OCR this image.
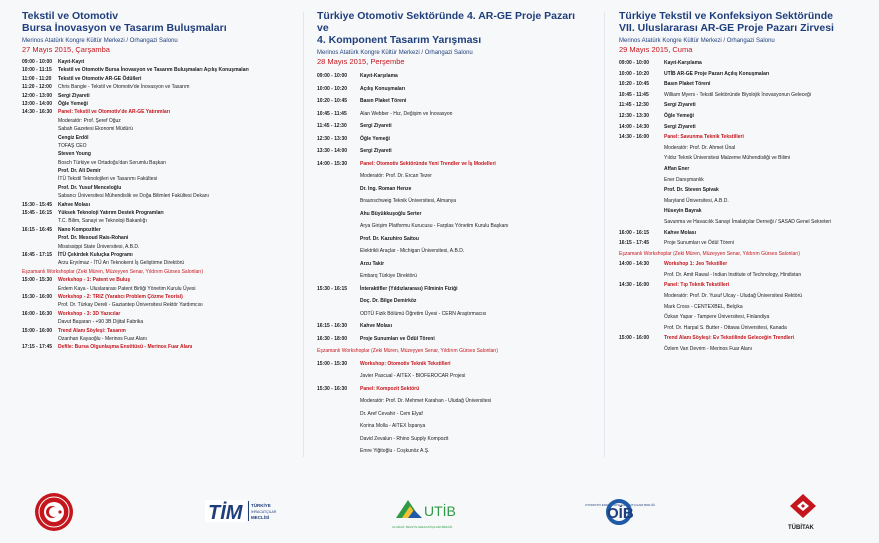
Tekstil ve Otomotiv
Bursa İnovasyon ve Tasarım Buluşmaları
Merinos Atatürk Kongre Kültür Merkezi / Orhangazi Salonu
27 Mayıs 2015, Çarşamba
09:00 - 10:00 Kayıt-Kayıt
10:00 - 11:15 Tekstil ve Otomotiv Bursa İnovasyon ve Tasarım Buluşmaları Açılış Konuşmaları
11:00 - 11:20 Tekstil ve Otomotiv AR-GE Ödülleri
11:20 - 12:00 Chris Bangle - Tekstil ve Otomotiv'de İnovasyon ve Tasarım
12:00 - 13:00 Sergi Ziyareti
13:00 - 14:00 Öğle Yemeği
14:30 - 16:30 Panel: Tekstil ve Otomotiv'de AR-GE Yatırımları
Moderatör: Prof. Şeref Oğuz
Sabah Gazetesi Ekonomi Müdürü
Cengiz Erdöl
TOFAŞ CEO
Steven Young
Bosch Türkiye ve Ortadoğu'dan Sorumlu Başkan
Prof. Dr. Ali Demir
İTÜ Tekstil Teknolojileri ve Tasarımı Fakültesi
Prof. Dr. Yusuf Menceloğlu
Sabancı Üniversitesi Mühendislik ve Doğa Bilimleri Fakültesi Dekanı
15:30 - 15:45 Kahve Molası
15:45 - 16:15 Yüksek Teknoloji Yatırım Destek Programları
T.C. Bilim, Sanayi ve Teknoloji Bakanlığı
16:15 - 16:45 Nano Kompozitler
Prof. Dr. Mesoud Rais-Rohani
Mississippi State Üniversitesi, A.B.D.
16:45 - 17:15 İTÜ Çekirdek Kuluçka Programı
Arzu Eryılmaz - İTÜ Arı Teknokent İş Geliştirme Direktörü
Eşzamanlı Workshoplar (Zeki Müren, Müzeyyen Senar, Yıldırım Gürses Salonları)
15:00 - 15:30 Workshop - 1: Patent ve Buluş
Erdem Kaya - Uluslararası Patent Birliği Yönetim Kurulu Üyesi
15:30 - 16:00 Workshop - 2: TRIZ (Yaratıcı Problem Çözme Teorisi)
Prof. Dr. Türkay Dereli - Gaziantep Üniversitesi Rektör Yardımcısı
16:00 - 16:30 Workshop - 3: 3D Yazıcılar
Davut Başaran - +90 3B Dijital Fabrika
15:00 - 16:00 Trend Alanı Söyleşi: Tasarım
Ozanhan Kayaoğlu - Merinos Fuar Alanı
17:15 - 17:45 Defile: Bursa Olgunlaşma Enstitüsü - Merinos Fuar Alanı
Türkiye Otomotiv Sektöründe 4. AR-GE Proje Pazarı ve
4. Komponent Tasarım Yarışması
Merinos Atatürk Kongre Kültür Merkezi / Orhangazi Salonu
28 Mayıs 2015, Perşembe
09:00 - 10:00	Kayıt-Karşılama
10:00 - 10:20	Açılış Konuşmaları
10:20 - 10:45	Basın Plaket Töreni
10:45 - 11:45	Alan Webber - Hız, Değişim ve İnovasyon
11:45 - 12:30	Sergi Ziyareti
12:30 - 13:30	Öğle Yemeği
13:30 - 14:00	Sergi Ziyareti
14:00 - 15:30	Panel: Otomotiv Sektöründe Yeni Trendler ve İş Modelleri
Moderatör: Prof. Dr. Ercan Tezer
Dr. Ing. Roman Henze
Braunschweig Teknik Üniversitesi, Almanya
Ahu Büyükkuşoğlu Serter
Arya Girişim Platformu Kurucusu - Farplas Yönetim Kurulu Başkanı
Prof. Dr. Kazuhiro Saitou
Elektrikli Araçlar - Michigan Üniversitesi, A.B.D.
Arzu Takir
Embarq Türkiye Direktörü
15:30 - 16:15	İnteraktifler (Yıldızlararası) Filminin Fiziği
Doç. Dr. Bilge Demirköz
ODTÜ Fizik Bölümü Öğretim Üyesi - CERN Araştırmacısı
16:15 - 16:30	Kahve Molası
16:30 - 18:00	Proje Sunumları ve Ödül Töreni
Eşzamanlı Workshoplar (Zeki Müren, Müzeyyen Senar, Yıldırım Gürses Salonları)
15:00 - 15:30	Workshop: Otomotiv Teknik Tekstilleri
Javier Pascual - AITEX - BIOFEROCAR Projesi
15:30 - 16:30	Panel: Kompozit Sektörü
Moderatör: Prof. Dr. Mehmet Karahan - Uludağ Üniversitesi
Dr. Aref Cevahir - Cem Elyaf
Korina Molla - AITEX İspanya
David Zevalun - Rhino Supply Kompozit
Emre Yiğitoğlu - Coşkunöz A.Ş.
Türkiye Tekstil ve Konfeksiyon Sektöründe
VII. Uluslararası AR-GE Proje Pazarı Zirvesi
Merinos Atatürk Kongre Kültür Merkezi / Orhangazi Salonu
29 Mayıs 2015, Cuma
09:00 - 10:00	Kayıt-Karşılama
10:00 - 10:20	UTİB AR-GE Proje Pazarı Açılış Konuşmaları
10:20 - 10:45	Basın Plaket Töreni
10:45 - 11:45	William Myers - Tekstil Sektöründe Biyolojik İnovasyonun Geleceği
11:45 - 12:30	Sergi Ziyareti
12:30 - 13:30	Öğle Yemeği
14:00 - 14:30	Sergi Ziyareti
14:30 - 16:00	Panel: Savunma Teknik Tekstilleri
Moderatör: Prof. Dr. Ahmet Ünal
Yıldız Teknik Üniversitesi Malzeme Mühendisliği ve Bilimi
Affan Ener
Ener Danışmanlık
Prof. Dr. Steven Spivak
Maryland Üniversitesi, A.B.D.
Hüseyin Bayrak
Savunma ve Havacılık Sanayi İmalatçılar Derneği / SASAD Genel Sekreteri
16:00 - 16:15	Kahve Molası
16:15 - 17:45	Proje Sunumları ve Ödül Töreni
Eşzamanlı Workshoplar (Zeki Müren, Müzeyyen Senar, Yıldırım Gürses Salonları)
14:00 - 14:30	Workshop 1: Jeo Tekstiller
Prof. Dr. Amit Rawal - Indian Institute of Technology, Hindistan
14:30 - 16:00	Panel: Tıp Teknik Tekstilleri
Moderatör: Prof. Dr. Yusuf Ulcay - Uludağ Üniversitesi Rektörü
Mark Cross - CENTEXBEL, Belçika
Özkan Yapar - Tampere Üniversitesi, Finlandiya
Prof. Dr. Harpal S. Butter - Ottawa Üniversitesi, Kanada
15:00 - 16:00	Trend Alanı Söyleşi: Ev Tekstilinde Geleceğin Trendleri
Özlem Van Devrim - Merinos Fuar Alanı
TİM TÜRKİYE
İHRACATÇILAR
MECLİSİ	UTİB
ULUDAĞ TEKSTİL İHRACATÇILARI BİRLİĞİ
OTOMOTİV ENDÜSTRİSİ İHRACATÇILARI BİRLİĞİ
OİB
TÜBİTAK
